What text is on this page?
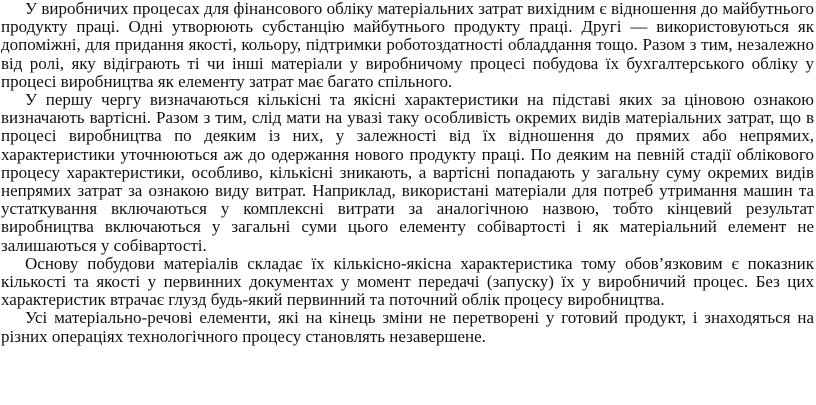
У виробничих процесах для фінансового обліку матеріальних затрат вихідним є відношення до майбутнього продукту праці. Одні утворюють субстанцію майбутнього продукту праці. Другі — використовуються як допоміжні, для придання якості, кольору, підтримки роботоздатності обладдання тощо. Разом з тим, незалежно від ролі, яку відіграють ті чи інші матеріали у виробничому процесі побудова їх бухгалтерського обліку у процесі виробництва як елементу затрат має багато спільного.

У першу чергу визначаються кількісні та якісні характеристики на підставі яких за ціновою ознакою визначають вартісні. Разом з тим, слід мати на увазі таку особливість окремих видів матеріальних затрат, що в процесі виробництва по деяким із них, у залежності від їх відношення до прямих або непрямих, характеристики уточнюються аж до одержання нового продукту праці. По деяким на певній стадії облікового процесу характеристики, особливо, кількісні зникають, а вартісні попадають у загальну суму окремих видів непрямих затрат за ознакою виду витрат. Наприклад, використані матеріали для потреб утримання машин та устаткування включаються у комплексні витрати за аналогічною назвою, тобто кінцевий результат виробництва включаються у загальні суми цього елементу собівартості і як матеріальний елемент не залишаються у собівартості.

Основу побудови матеріалів складає їх кількісно-якісна характеристика тому обов’язковим є показник кількості та якості у первинних документах у момент передачі (запуску) їх у виробничий процес. Без цих характеристик втрачає глузд будь-який первинний та поточний облік процесу виробництва.

Усі матеріально-речові елементи, які на кінець зміни не перетворені у готовий продукт, і знаходяться на різних операціях технологічного процесу становлять незавершене.
